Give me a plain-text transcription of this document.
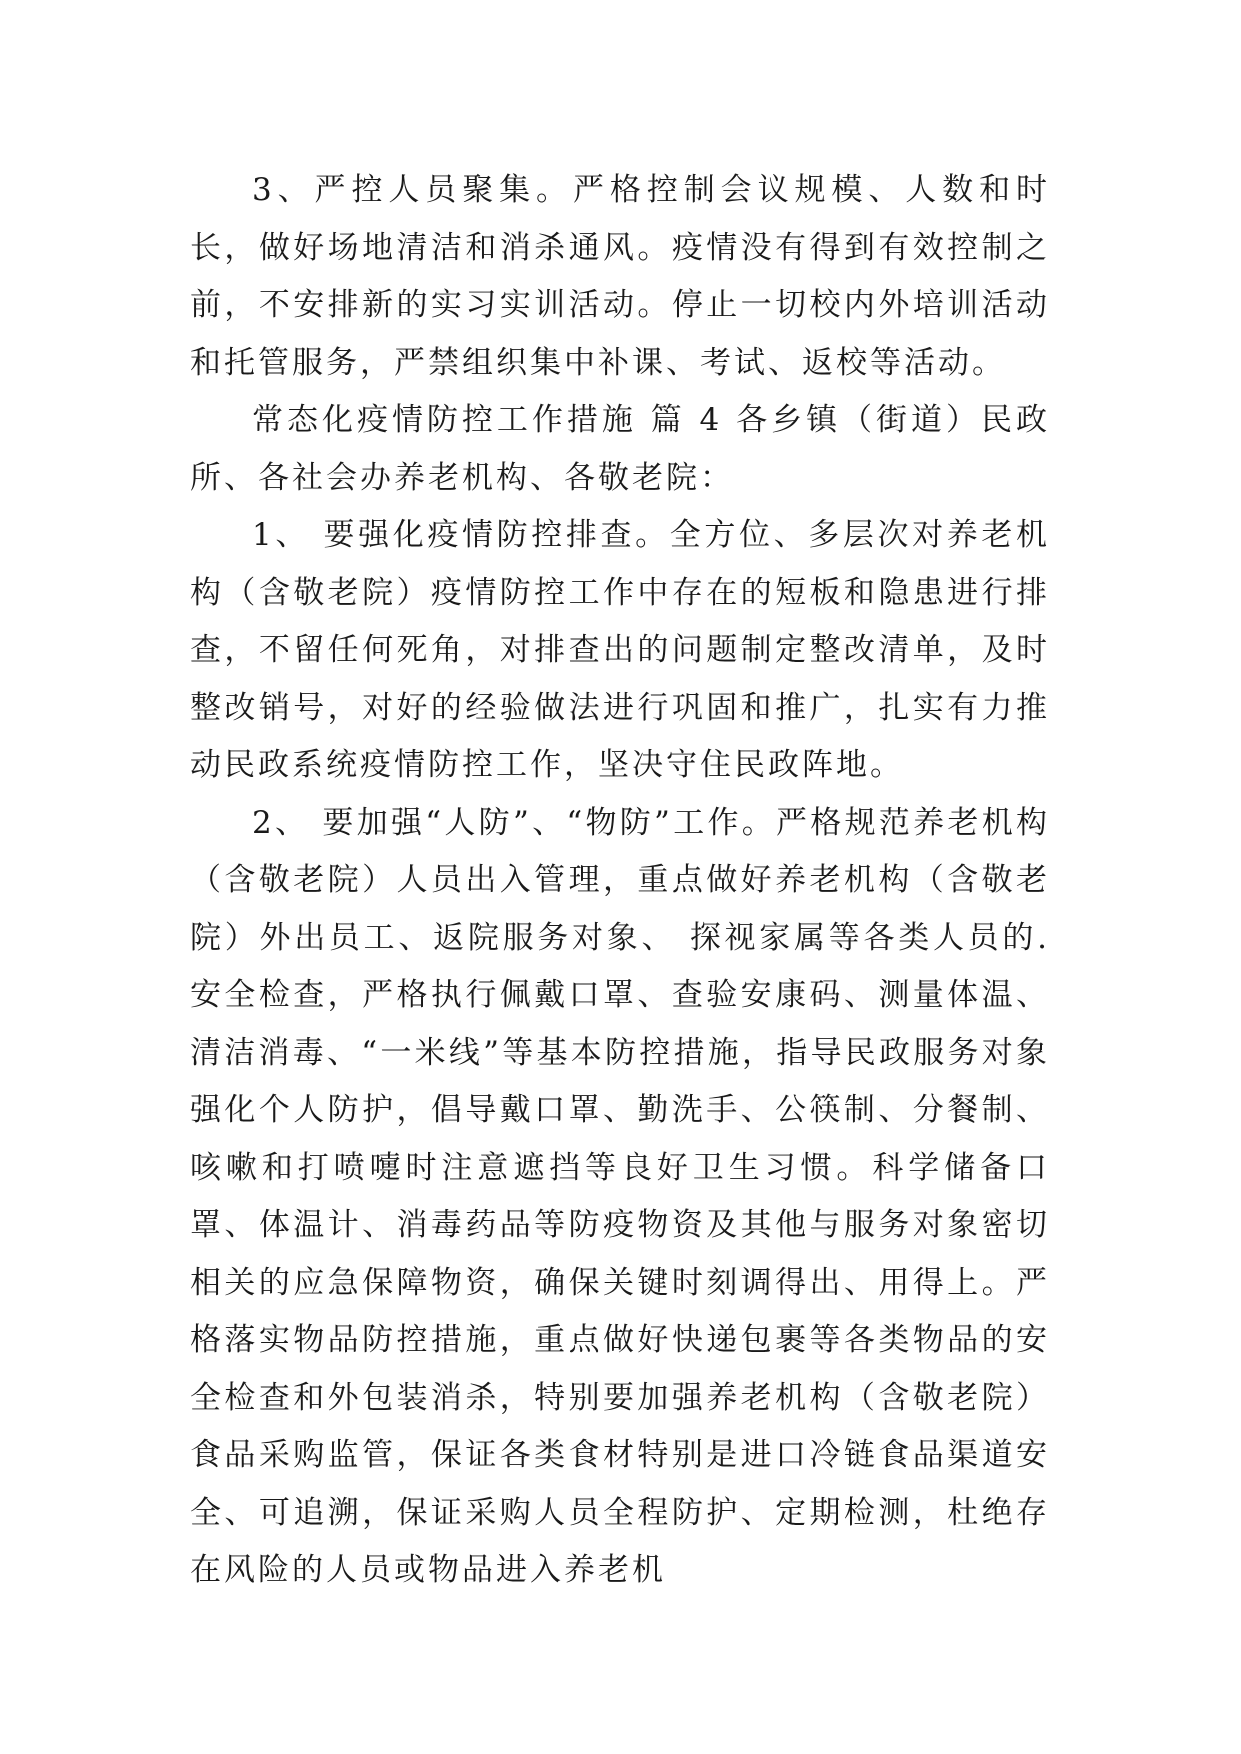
3、严控人员聚集。严格控制会议规模、人数和时长，做好场地清洁和消杀通风。疫情没有得到有效控制之前，不安排新的实习实训活动。停止一切校内外培训活动和托管服务，严禁组织集中补课、考试、返校等活动。

常态化疫情防控工作措施 篇 4 各乡镇（街道）民政所、各社会办养老机构、各敬老院：

1、 要强化疫情防控排查。全方位、多层次对养老机构（含敬老院）疫情防控工作中存在的短板和隐患进行排查，不留任何死角，对排查出的问题制定整改清单，及时整改销号，对好的经验做法进行巩固和推广，扎实有力推动民政系统疫情防控工作，坚决守住民政阵地。

2、 要加强“人防”、“物防”工作。严格规范养老机构（含敬老院）人员出入管理，重点做好养老机构（含敬老院）外出员工、返院服务对象、 探视家属等各类人员的.安全检查，严格执行佩戴口罩、查验安康码、测量体温、清洁消毒、“一米线”等基本防控措施，指导民政服务对象强化个人防护，倡导戴口罩、勤洗手、公筷制、分餐制、咳嗽和打喷嚏时注意遮挡等良好卫生习惯。科学储备口罩、体温计、消毒药品等防疫物资及其他与服务对象密切相关的应急保障物资，确保关键时刻调得出、用得上。严格落实物品防控措施，重点做好快递包裹等各类物品的安全检查和外包装消杀，特别要加强养老机构（含敬老院）食品采购监管，保证各类食材特别是进口冷链食品渠道安全、可追溯，保证采购人员全程防护、定期检测，杜绝存在风险的人员或物品进入养老机
